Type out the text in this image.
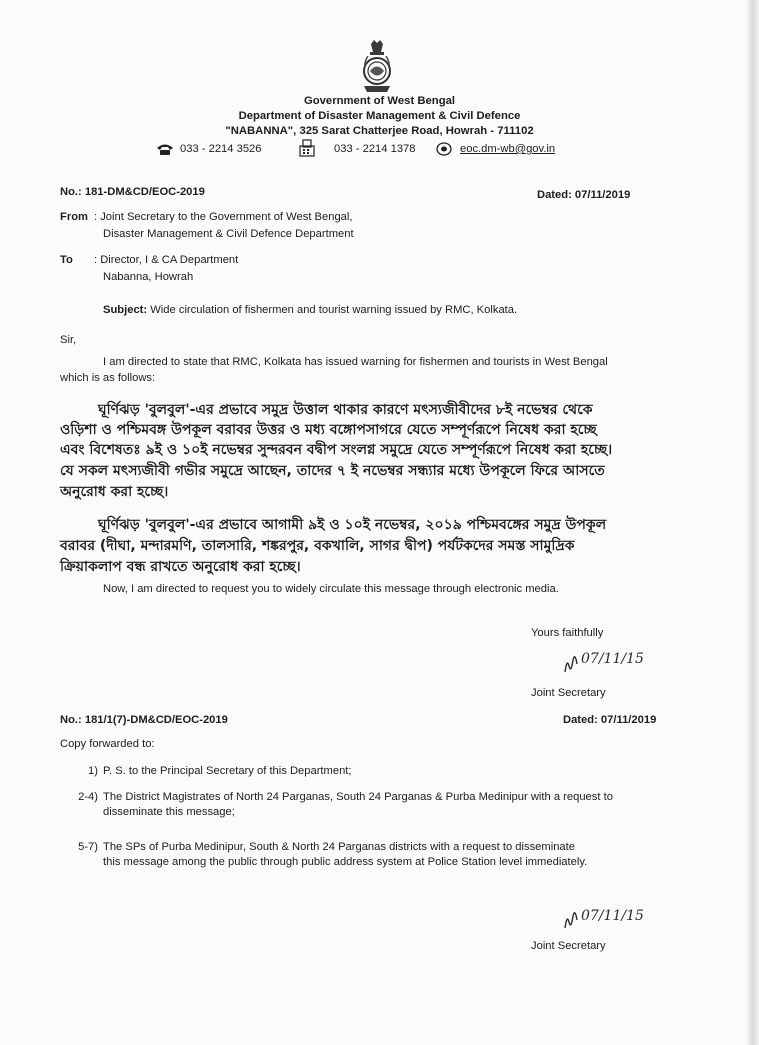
Government of West Bengal
Department of Disaster Management & Civil Defence
"NABANNA", 325 Sarat Chatterjee Road, Howrah - 711102
033 - 2214 3526	033 - 2214 1378	eoc.dm-wb@gov.in
No.: 181-DM&CD/EOC-2019	Dated: 07/11/2019
From : Joint Secretary to the Government of West Bengal,
Disaster Management & Civil Defence Department
To : Director, I & CA Department
Nabanna, Howrah
Subject: Wide circulation of fishermen and tourist warning issued by RMC, Kolkata.
Sir,
I am directed to state that RMC, Kolkata has issued warning for fishermen and tourists in West Bengal
which is as follows:
ঘূর্ণিঝড় 'বুলবুল'-এর প্রভাবে সমুদ্র উত্তাল থাকার কারণে মৎস্যজীবীদের ৮ই নভেম্বর থেকে
ওড়িশা ও পশ্চিমবঙ্গ উপকূল বরাবর উত্তর ও মধ্য বঙ্গোপসাগরে যেতে সম্পূর্ণরূপে নিষেধ করা হচ্ছে
এবং বিশেষতঃ ৯ই ও ১০ই নভেম্বর সুন্দরবন বদ্বীপ সংলগ্ন সমুদ্রে যেতে সম্পূর্ণরূপে নিষেধ করা হচ্ছে।
যে সকল মৎস্যজীবী গভীর সমুদ্রে আছেন, তাদের ৭ ই নভেম্বর সন্ধ্যার মধ্যে উপকূলে ফিরে আসতে
অনুরোধ করা হচ্ছে।
ঘূর্ণিঝড় 'বুলবুল'-এর প্রভাবে আগামী ৯ই ও ১০ই নভেম্বর, ২০১৯ পশ্চিমবঙ্গের সমুদ্র উপকূল
বরাবর (দীঘা, মন্দারমণি, তালসারি, শঙ্করপুর, বকখালি, সাগর দ্বীপ) পর্যটকদের সমস্ত সামুদ্রিক
ক্রিয়াকলাপ বন্ধ রাখতে অনুরোধ করা হচ্ছে।
Now, I am directed to request you to widely circulate this message through electronic media.
Yours faithfully
07/11/15
Joint Secretary
No.: 181/1(7)-DM&CD/EOC-2019	Dated: 07/11/2019
Copy forwarded to:
1) P. S. to the Principal Secretary of this Department;
2-4) The District Magistrates of North 24 Parganas, South 24 Parganas & Purba Medinipur with a request to
disseminate this message;
5-7) The SPs of Purba Medinipur, South & North 24 Parganas districts with a request to disseminate
this message among the public through public address system at Police Station level immediately.
07/11/15
Joint Secretary
